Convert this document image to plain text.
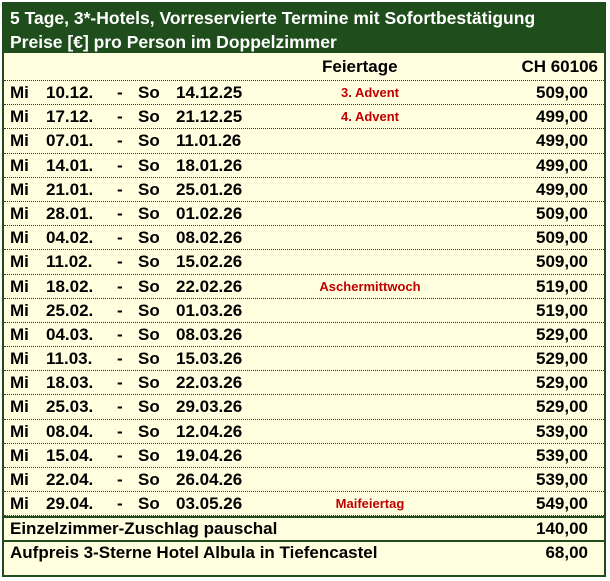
5 Tage, 3*-Hotels, Vorreservierte Termine mit Sofortbestätigung
Preise [€] pro Person im Doppelzimmer
Feiertage	CH 60106
Mi 10.12. - So 14.12.25	3. Advent	509,00
Mi 17.12. - So 21.12.25	4. Advent	499,00
Mi 07.01. - So 11.01.26	499,00
Mi 14.01. - So 18.01.26	499,00
Mi 21.01. - So 25.01.26	499,00
Mi 28.01. - So 01.02.26	509,00
Mi 04.02. - So 08.02.26	509,00
Mi 11.02. - So 15.02.26	509,00
Mi 18.02. - So 22.02.26	Aschermittwoch	519,00
Mi 25.02. - So 01.03.26	519,00
Mi 04.03. - So 08.03.26	529,00
Mi 11.03. - So 15.03.26	529,00
Mi 18.03. - So 22.03.26	529,00
Mi 25.03. - So 29.03.26	529,00
Mi 08.04. - So 12.04.26	539,00
Mi 15.04. - So 19.04.26	539,00
Mi 22.04. - So 26.04.26	539,00
Mi 29.04. - So 03.05.26	Maifeiertag	549,00
Einzelzimmer-Zuschlag pauschal	140,00
Aufpreis 3-Sterne Hotel Albula in Tiefencastel	68,00
